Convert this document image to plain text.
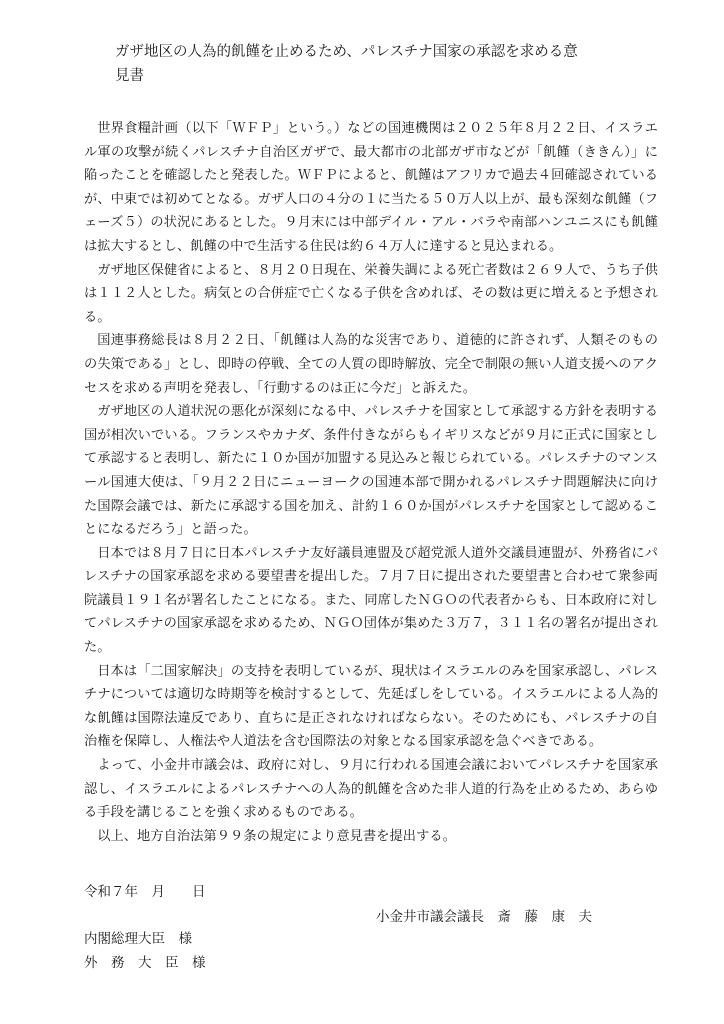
ガザ地区の人為的飢饉を止めるため、パレスチナ国家の承認を求める意
見書

世界食糧計画（以下「ＷＦＰ」という。）などの国連機関は２０２５年８月２２日、イスラエル軍の攻撃が続くパレスチナ自治区ガザで、最大都市の北部ガザ市などが「飢饉（ききん）」に陥ったことを確認したと発表した。ＷＦＰによると、飢饉はアフリカで過去４回確認されているが、中東では初めてとなる。ガザ人口の４分の１に当たる５０万人以上が、最も深刻な飢饉（フェーズ５）の状況にあるとした。９月末には中部デイル・アル・バラや南部ハンユニスにも飢饉は拡大するとし、飢饉の中で生活する住民は約６４万人に達すると見込まれる。

ガザ地区保健省によると、８月２０日現在、栄養失調による死亡者数は２６９人で、うち子供は１１２人とした。病気との合併症で亡くなる子供を含めれば、その数は更に増えると予想される。

国連事務総長は８月２２日、「飢饉は人為的な災害であり、道徳的に許されず、人類そのものの失策である」とし、即時の停戦、全ての人質の即時解放、完全で制限の無い人道支援へのアクセスを求める声明を発表し、「行動するのは正に今だ」と訴えた。

ガザ地区の人道状況の悪化が深刻になる中、パレスチナを国家として承認する方針を表明する国が相次いでいる。フランスやカナダ、条件付きながらもイギリスなどが９月に正式に国家として承認すると表明し、新たに１０か国が加盟する見込みと報じられている。パレスチナのマンスール国連大使は、「９月２２日にニューヨークの国連本部で開かれるパレスチナ問題解決に向けた国際会議では、新たに承認する国を加え、計約１６０か国がパレスチナを国家として認めることになるだろう」と語った。

日本では８月７日に日本パレスチナ友好議員連盟及び超党派人道外交議員連盟が、外務省にパレスチナの国家承認を求める要望書を提出した。７月７日に提出された要望書と合わせて衆参両院議員１９１名が署名したことになる。また、同席したＮＧＯの代表者からも、日本政府に対してパレスチナの国家承認を求めるため、ＮＧＯ団体が集めた３万７，３１１名の署名が提出された。

日本は「二国家解決」の支持を表明しているが、現状はイスラエルのみを国家承認し、パレスチナについては適切な時期等を検討するとして、先延ばしをしている。イスラエルによる人為的な飢饉は国際法違反であり、直ちに是正されなければならない。そのためにも、パレスチナの自治権を保障し、人権法や人道法を含む国際法の対象となる国家承認を急ぐべきである。

よって、小金井市議会は、政府に対し、９月に行われる国連会議においてパレスチナを国家承認し、イスラエルによるパレスチナへの人為的飢饉を含めた非人道的行為を止めるため、あらゆる手段を講じることを強く求めるものである。

以上、地方自治法第９９条の規定により意見書を提出する。

令和７年　月　　日
小金井市議会議長　斎　藤　康　夫
内閣総理大臣　様
外　務　大　臣　様
